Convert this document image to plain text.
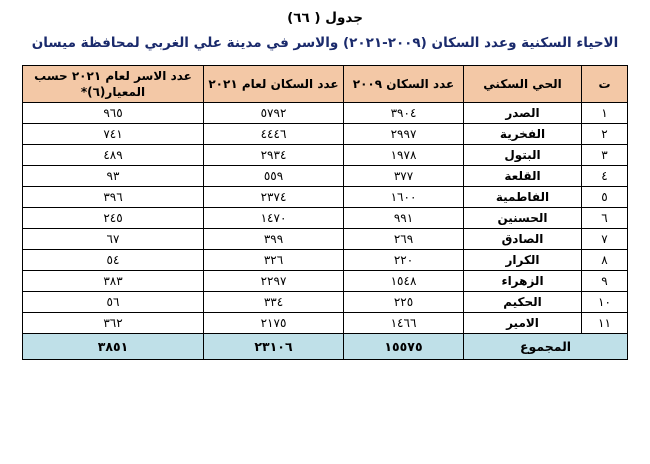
جدول ( ٦٦)
الاحياء السكنية وعدد السكان (٢٠٠٩-٢٠٢١) والاسر في مدينة علي الغربي لمحافظة ميسان
ت	الحي السكني	عدد السكان ٢٠٠٩	عدد السكان لعام ٢٠٢١	عدد الاسر لعام ٢٠٢١ حسب المعيار(٦)*
١	الصدر	٣٩٠٤	٥٧٩٢	٩٦٥
٢	الفخرية	٢٩٩٧	٤٤٤٦	٧٤١
٣	البتول	١٩٧٨	٢٩٣٤	٤٨٩
٤	القلعة	٣٧٧	٥٥٩	٩٣
٥	الفاطمية	١٦٠٠	٢٣٧٤	٣٩٦
٦	الحسنين	٩٩١	١٤٧٠	٢٤٥
٧	الصادق	٢٦٩	٣٩٩	٦٧
٨	الكرار	٢٢٠	٣٢٦	٥٤
٩	الزهراء	١٥٤٨	٢٢٩٧	٣٨٣
١٠	الحكيم	٢٢٥	٣٣٤	٥٦
١١	الامير	١٤٦٦	٢١٧٥	٣٦٢
المجموع		١٥٥٧٥	٢٣١٠٦	٣٨٥١
